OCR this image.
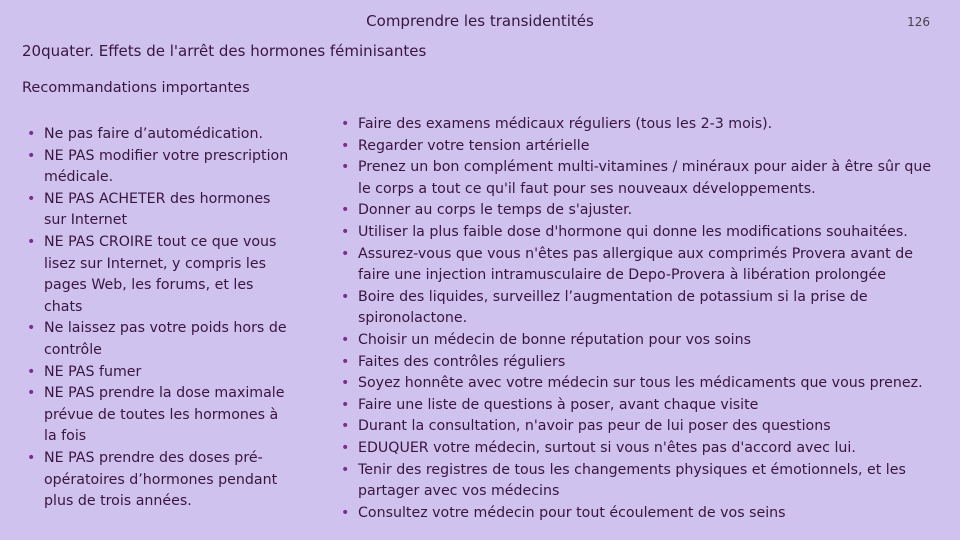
Comprendre les transidentités	126
20quater. Effets de l'arrêt des hormones féminisantes
Recommandations importantes
• Ne pas faire d’automédication.
• NE PAS modifier votre prescription médicale.
• NE PAS ACHETER des hormones sur Internet
• NE PAS CROIRE tout ce que vous lisez sur Internet, y compris les pages Web, les forums, et les chats
• Ne laissez pas votre poids hors de contrôle
• NE PAS fumer
• NE PAS prendre la dose maximale prévue de toutes les hormones à la fois
• NE PAS prendre des doses pré-opératoires d’hormones pendant plus de trois années.
• Faire des examens médicaux réguliers (tous les 2-3 mois).
• Regarder votre tension artérielle
• Prenez un bon complément multi-vitamines / minéraux pour aider à être sûr que le corps a tout ce qu'il faut pour ses nouveaux développements.
• Donner au corps le temps de s'ajuster.
• Utiliser la plus faible dose d'hormone qui donne les modifications souhaitées.
• Assurez-vous que vous n'êtes pas allergique aux comprimés Provera avant de faire une injection intramusculaire de Depo-Provera à libération prolongée
• Boire des liquides, surveillez l’augmentation de potassium si la prise de spironolactone.
• Choisir un médecin de bonne réputation pour vos soins
• Faites des contrôles réguliers
• Soyez honnête avec votre médecin sur tous les médicaments que vous prenez.
• Faire une liste de questions à poser, avant chaque visite
• Durant la consultation, n'avoir pas peur de lui poser des questions
• EDUQUER votre médecin, surtout si vous n'êtes pas d'accord avec lui.
• Tenir des registres de tous les changements physiques et émotionnels, et les partager avec vos médecins
• Consultez votre médecin pour tout écoulement de vos seins
